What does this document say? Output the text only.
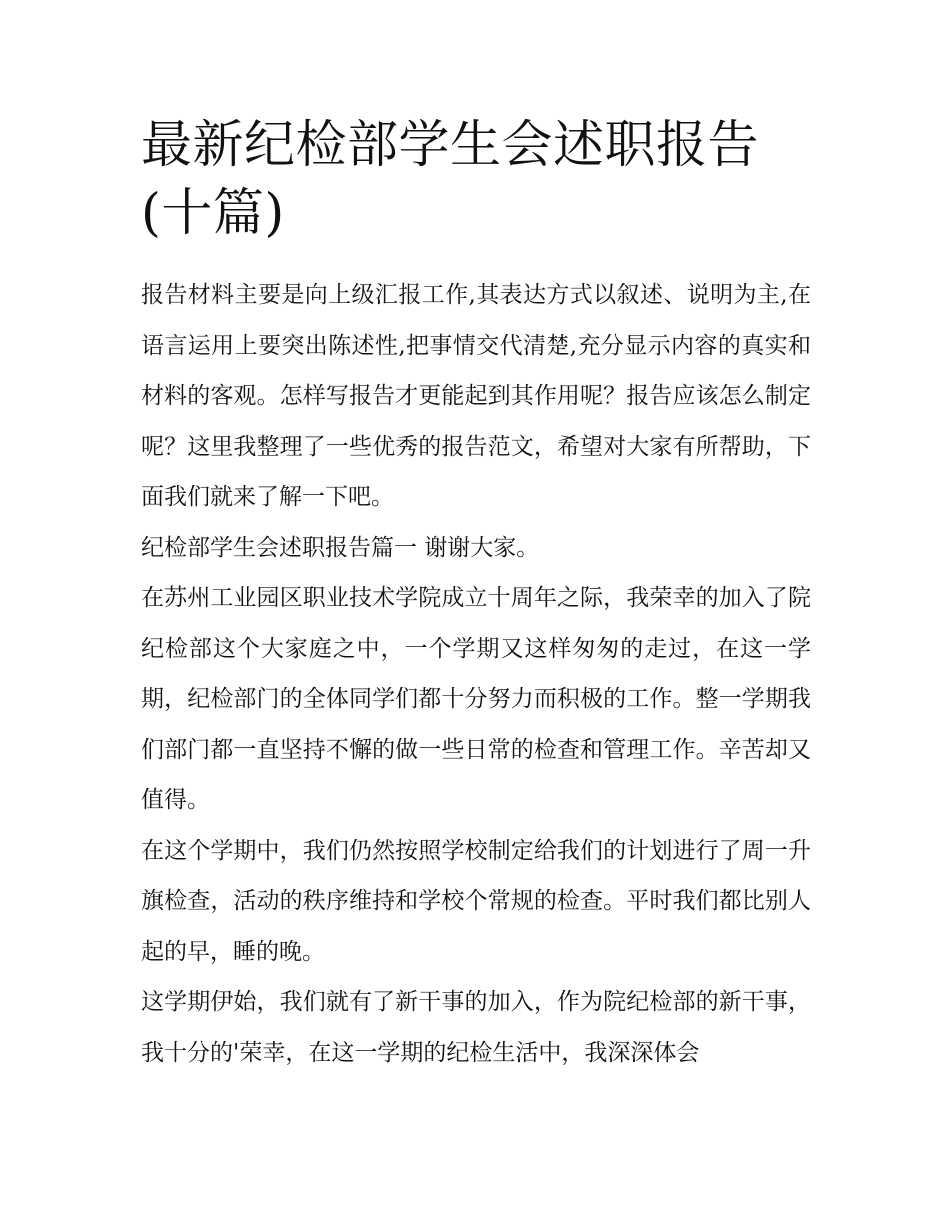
最新纪检部学生会述职报告(十篇)

报告材料主要是向上级汇报工作,其表达方式以叙述、说明为主,在语言运用上要突出陈述性,把事情交代清楚,充分显示内容的真实和材料的客观。怎样写报告才更能起到其作用呢？报告应该怎么制定呢？这里我整理了一些优秀的报告范文，希望对大家有所帮助，下面我们就来了解一下吧。

纪检部学生会述职报告篇一 谢谢大家。

在苏州工业园区职业技术学院成立十周年之际，我荣幸的加入了院纪检部这个大家庭之中，一个学期又这样匆匆的走过，在这一学期，纪检部门的全体同学们都十分努力而积极的工作。整一学期我们部门都一直坚持不懈的做一些日常的检查和管理工作。辛苦却又值得。

在这个学期中，我们仍然按照学校制定给我们的计划进行了周一升旗检查，活动的秩序维持和学校个常规的检查。平时我们都比别人起的早，睡的晚。

这学期伊始，我们就有了新干事的加入，作为院纪检部的新干事，我十分的'荣幸，在这一学期的纪检生活中，我深深体会
